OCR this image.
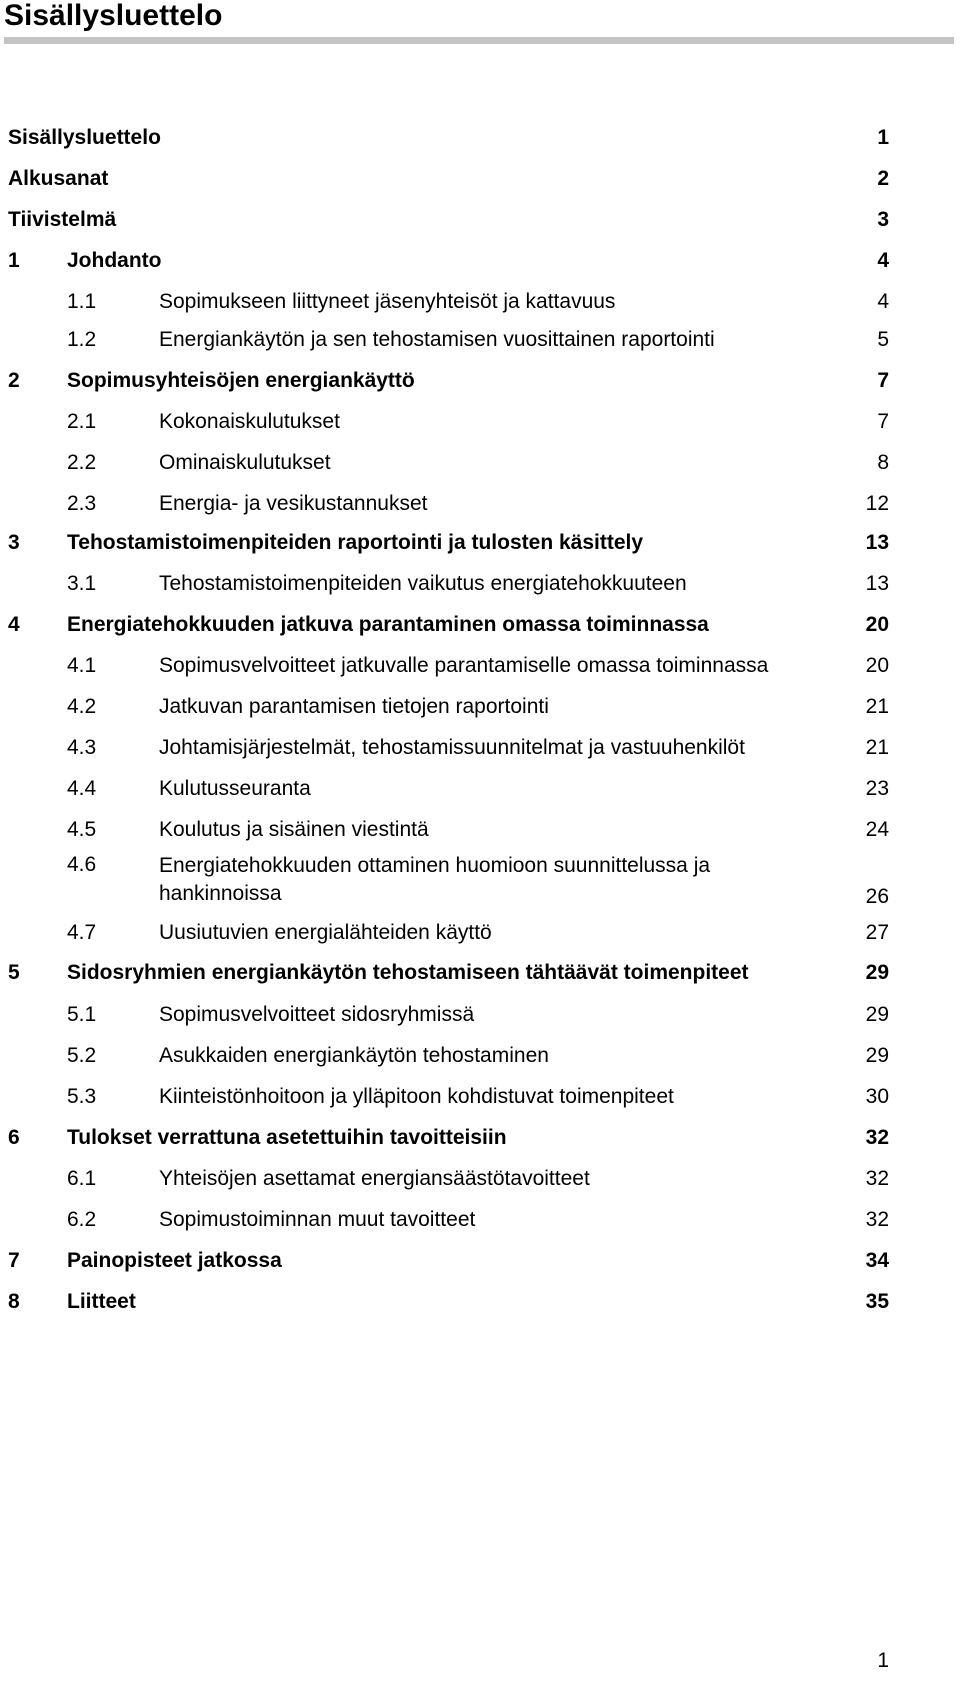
Sisällysluettelo
Sisällysluettelo	1
Alkusanat	2
Tiivistelmä	3
1 Johdanto	4
1.1	Sopimukseen liittyneet jäsenyhteisöt ja kattavuus	4
1.2	Energiankäytön ja sen tehostamisen vuosittainen raportointi	5
2 Sopimusyhteisöjen energiankäyttö	7
2.1	Kokonaiskulutukset	7
2.2	Ominaiskulutukset	8
2.3	Energia- ja vesikustannukset	12
3 Tehostamistoimenpiteiden raportointi ja tulosten käsittely	13
3.1	Tehostamistoimenpiteiden vaikutus energiatehokkuuteen	13
4 Energiatehokkuuden jatkuva parantaminen omassa toiminnassa	20
4.1	Sopimusvelvoitteet jatkuvalle parantamiselle omassa toiminnassa	20
4.2	Jatkuvan parantamisen tietojen raportointi	21
4.3	Johtamisjärjestelmät, tehostamissuunnitelmat ja vastuuhenkilöt	21
4.4	Kulutusseuranta	23
4.5	Koulutus ja sisäinen viestintä	24
4.6	Energiatehokkuuden ottaminen huomioon suunnittelussa ja hankinnoissa	26
4.7	Uusiutuvien energialähteiden käyttö	27
5 Sidosryhmien energiankäytön tehostamiseen tähtäävät toimenpiteet	29
5.1	Sopimusvelvoitteet sidosryhmissä	29
5.2	Asukkaiden energiankäytön tehostaminen	29
5.3	Kiinteistönhoitoon ja ylläpitoon kohdistuvat toimenpiteet	30
6 Tulokset verrattuna asetettuihin tavoitteisiin	32
6.1	Yhteisöjen asettamat energiansäästötavoitteet	32
6.2	Sopimustoiminnan muut tavoitteet	32
7 Painopisteet jatkossa	34
8 Liitteet	35
1
